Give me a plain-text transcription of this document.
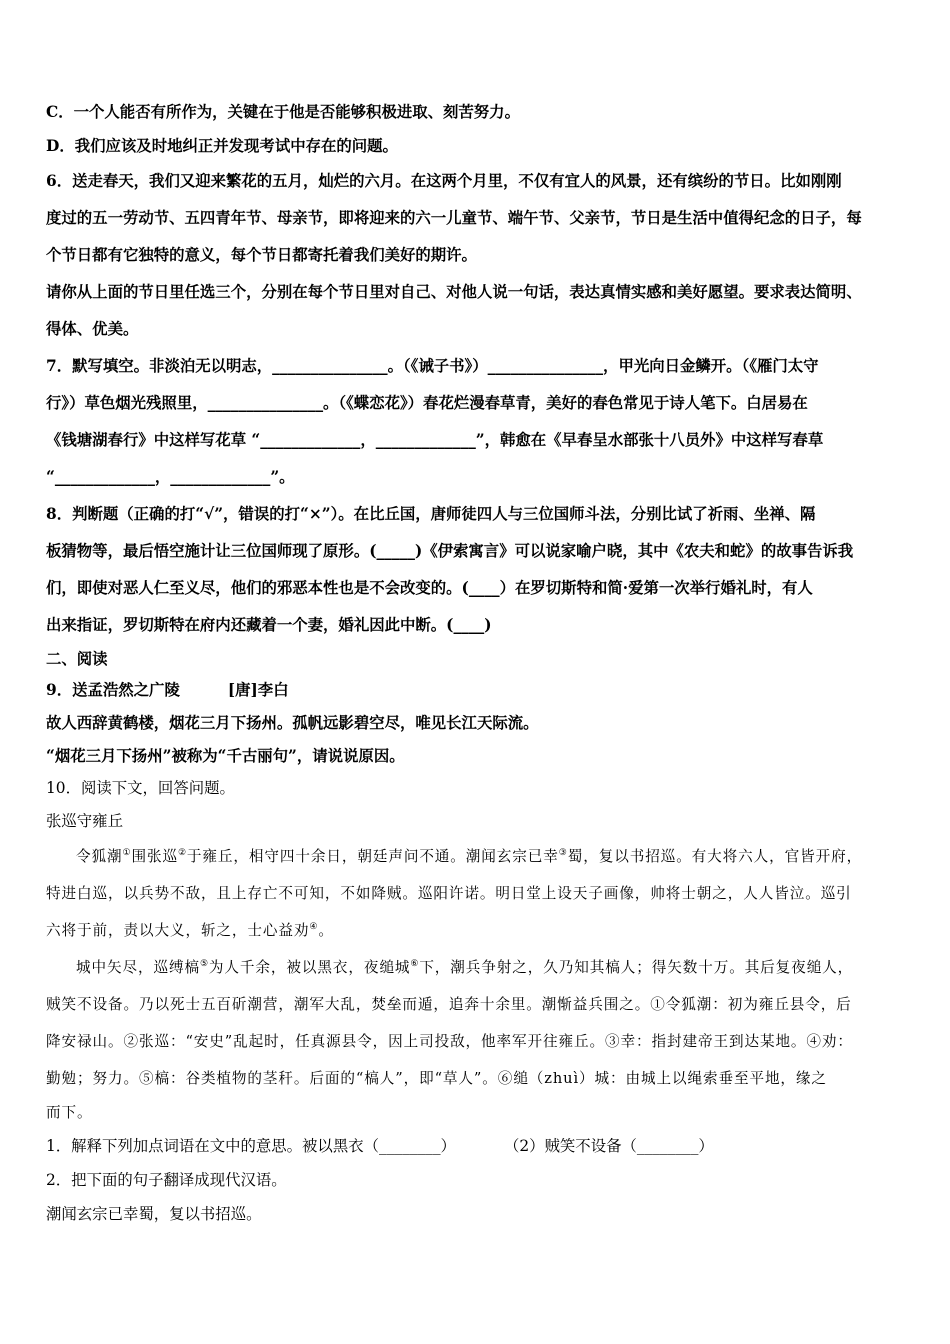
C．一个人能否有所作为，关键在于他是否能够积极进取、刻苦努力。
D．我们应该及时地纠正并发现考试中存在的问题。
6．送走春天，我们又迎来繁花的五月，灿烂的六月。在这两个月里，不仅有宜人的风景，还有缤纷的节日。比如刚刚
度过的五一劳动节、五四青年节、母亲节，即将迎来的六一儿童节、端午节、父亲节，节日是生活中值得纪念的日子，每
个节日都有它独特的意义，每个节日都寄托着我们美好的期许。
请你从上面的节日里任选三个，分别在每个节日里对自己、对他人说一句话，表达真情实感和美好愿望。要求表达简明、
得体、优美。
7．默写填空。非淡泊无以明志，_______________。（《诫子书》）_______________，甲光向日金鳞开。（《雁门太守
行》）草色烟光残照里，_______________。（《蝶恋花》）春花烂漫春草青，美好的春色常见于诗人笔下。白居易在
《钱塘湖春行》中这样写花草 “_____________，_____________”，韩愈在《早春呈水部张十八员外》中这样写春草
“_____________，_____________”。
8．判断题（正确的打“√”，错误的打“×”）。在比丘国，唐师徒四人与三位国师斗法，分别比试了祈雨、坐禅、隔
板猜物等，最后悟空施计让三位国师现了原形。(_____)《伊索寓言》可以说家喻户晓，其中《农夫和蛇》的故事告诉我
们，即使对恶人仁至义尽，他们的邪恶本性也是不会改变的。(____）在罗切斯特和简·爱第一次举行婚礼时，有人
出来指证，罗切斯特在府内还藏着一个妻，婚礼因此中断。(____)
二、阅读
9．送孟浩然之广陵	[唐]李白
故人西辞黄鹤楼，烟花三月下扬州。孤帆远影碧空尽，唯见长江天际流。
“烟花三月下扬州”被称为“千古丽句”，请说说原因。
10．阅读下文，回答问题。
张巡守雍丘
令狐潮①围张巡②于雍丘，相守四十余日，朝廷声问不通。潮闻玄宗已幸③蜀，复以书招巡。有大将六人，官皆开府，
特进白巡，以兵势不敌，且上存亡不可知，不如降贼。巡阳许诺。明日堂上设天子画像，帅将士朝之，人人皆泣。巡引
六将于前，责以大义，斩之，士心益劝④。
城中矢尽，巡缚槁⑤为人千余，被以黑衣，夜缒城⑥下，潮兵争射之，久乃知其槁人；得矢数十万。其后复夜缒人，
贼笑不设备。乃以死士五百斫潮营，潮军大乱，焚垒而遁，追奔十余里。潮惭益兵围之。①令狐潮：初为雍丘县令，后
降安禄山。②张巡：“安史”乱起时，任真源县令，因上司投敌，他率军开往雍丘。③幸：指封建帝王到达某地。④劝：
勤勉；努力。⑤槁：谷类植物的茎秆。后面的“槁人”，即“草人”。⑥缒（zhuì）城：由城上以绳索垂至平地，缘之
而下。
1．解释下列加点词语在文中的意思。被以黑衣（________）	（2）贼笑不设备（________）
2．把下面的句子翻译成现代汉语。
潮闻玄宗已幸蜀，复以书招巡。
